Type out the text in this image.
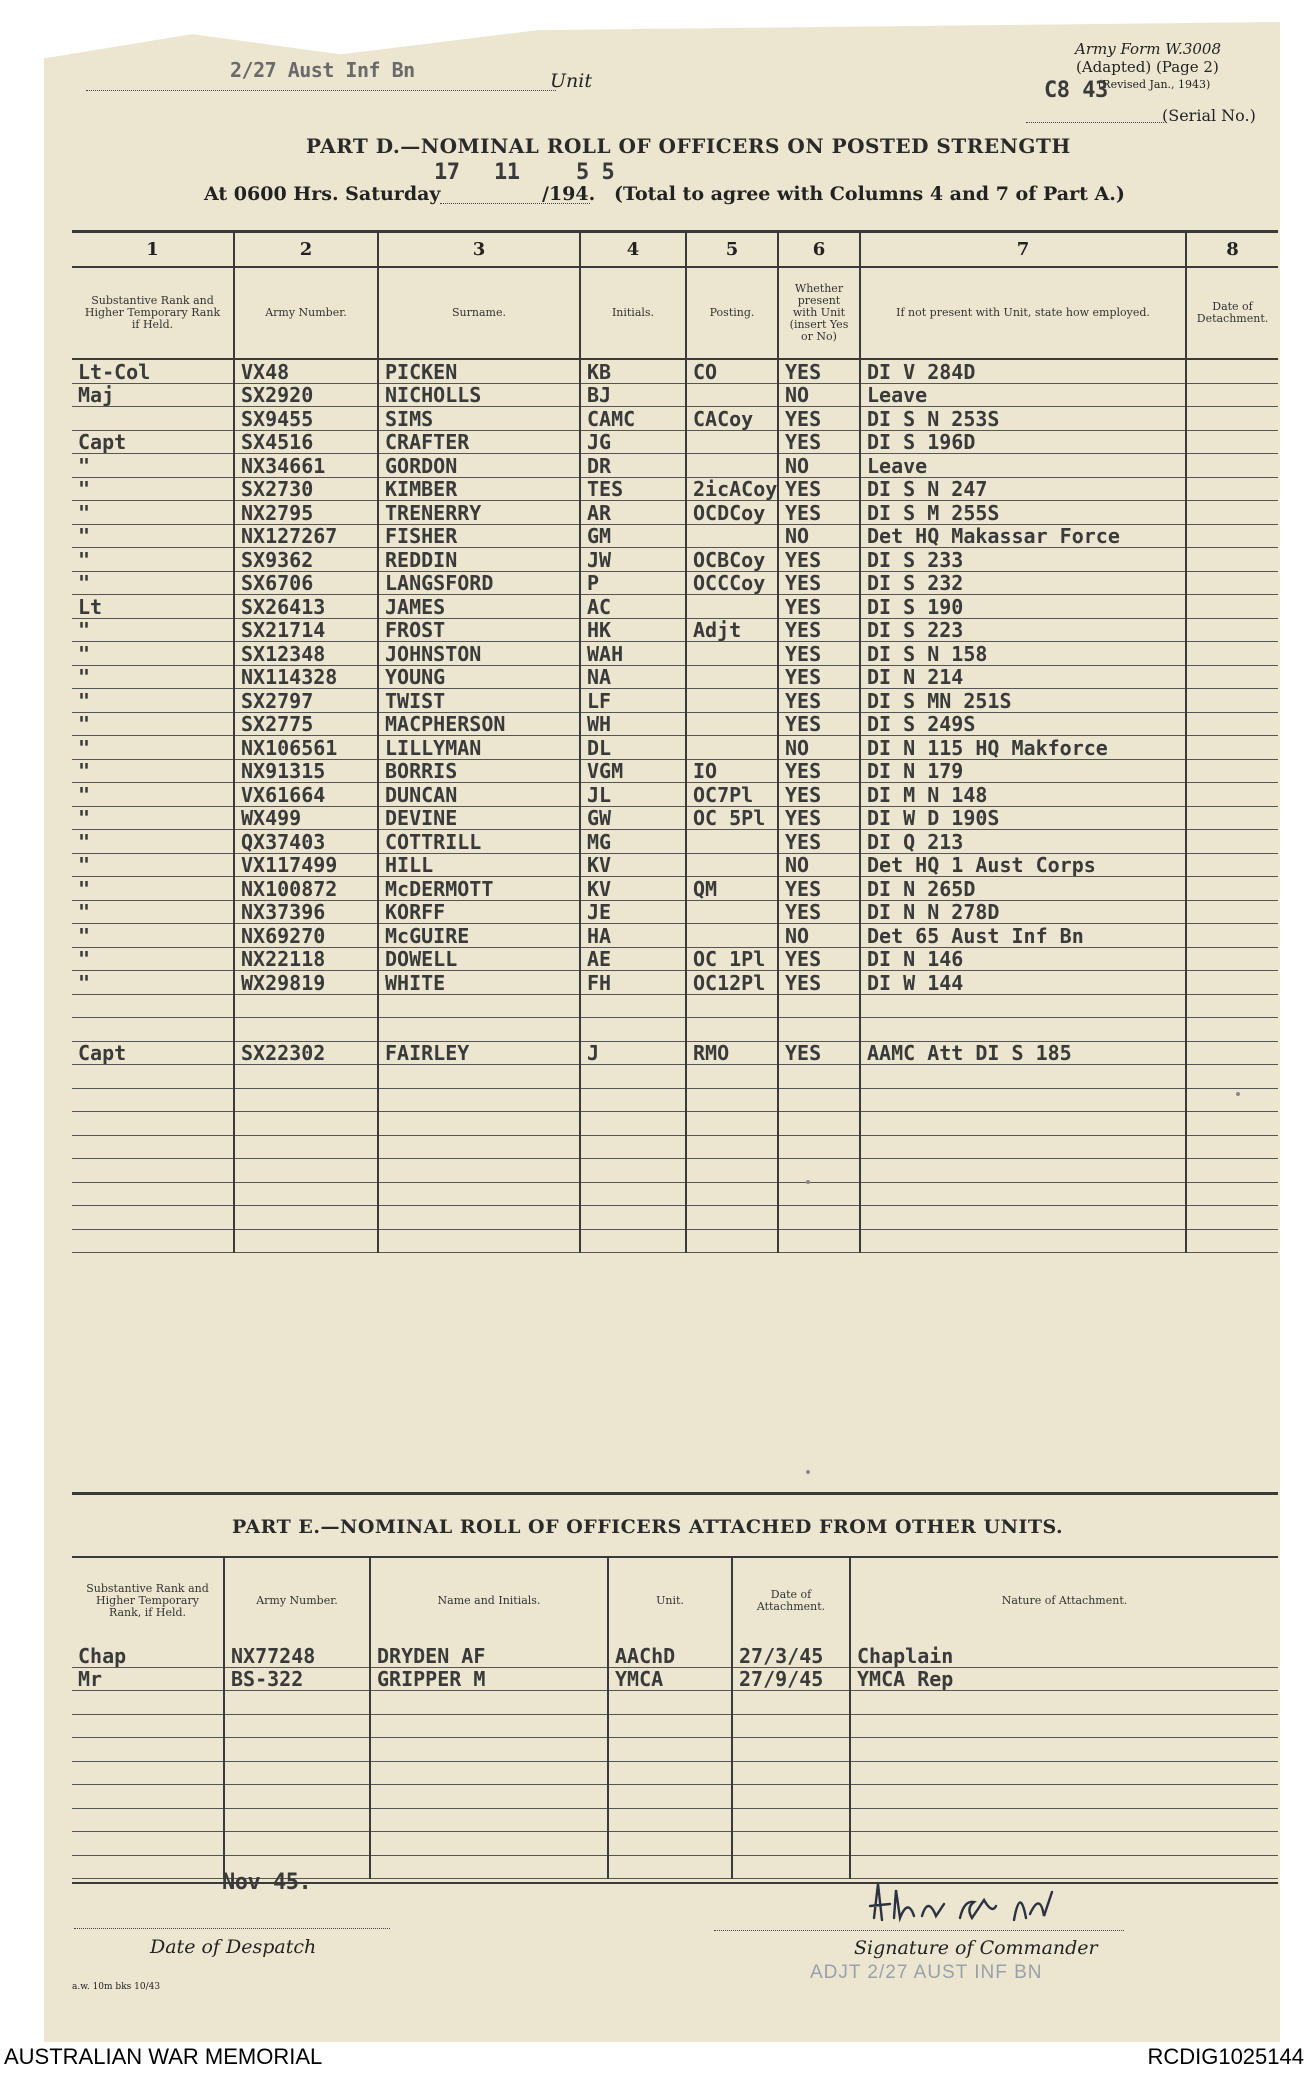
2/27 Aust Inf Bn	Unit
Army Form W.3008
(Adapted) (Page 2)
(Revised Jan., 1943)
C8 43
(Serial No.)
PART D.—NOMINAL ROLL OF OFFICERS ON POSTED STRENGTH
At 0600 Hrs. Saturday
17 11	5 5
/194. (Total to agree with Columns 4 and 7 of Part A.)
1	2	3	4	5	6	7	8

Substantive Rank and Higher Temporary Rank if Held.	Army Number.	Surname.	Initials.	Posting.	Whether present with Unit (insert Yes or No)	If not present with Unit, state how employed.	Date of Detachment.

Lt-Col	VX48	PICKEN	KB	CO	YES	DI V 284D	
Maj	SX2920	NICHOLLS	BJ		NO	Leave	
	SX9455	SIMS	CAMC	CACoy	YES	DI S N 253S	
Capt	SX4516	CRAFTER	JG		YES	DI S 196D	
"	NX34661	GORDON	DR		NO	Leave	
"	SX2730	KIMBER	TES	2icACoy	YES	DI S N 247	
"	NX2795	TRENERRY	AR	OCDCoy	YES	DI S M 255S	
"	NX127267	FISHER	GM		NO	Det HQ Makassar Force	
"	SX9362	REDDIN	JW	OCBCoy	YES	DI S 233	
"	SX6706	LANGSFORD	P	OCCCoy	YES	DI S 232	
Lt	SX26413	JAMES	AC		YES	DI S 190	
"	SX21714	FROST	HK	Adjt	YES	DI S 223	
"	SX12348	JOHNSTON	WAH		YES	DI S N 158	
"	NX114328	YOUNG	NA		YES	DI N 214	
"	SX2797	TWIST	LF		YES	DI S MN 251S	
"	SX2775	MACPHERSON	WH		YES	DI S 249S	
"	NX106561	LILLYMAN	DL		NO	DI N 115 HQ Makforce	
"	NX91315	BORRIS	VGM	IO	YES	DI N 179	
"	VX61664	DUNCAN	JL	OC7Pl	YES	DI M N 148	
"	WX499	DEVINE	GW	OC 5Pl	YES	DI W D 190S	
"	QX37403	COTTRILL	MG		YES	DI Q 213	
"	VX117499	HILL	KV		NO	Det HQ 1 Aust Corps	
"	NX100872	McDERMOTT	KV	QM	YES	DI N 265D	
"	NX37396	KORFF	JE		YES	DI N N 278D	
"	NX69270	McGUIRE	HA		NO	Det 65 Aust Inf Bn	
"	NX22118	DOWELL	AE	OC 1Pl	YES	DI N 146	
"	WX29819	WHITE	FH	OC12Pl	YES	DI W 144	

Capt	SX22302	FAIRLEY	J	RMO	YES	AAMC Att DI S 185	

PART E.—NOMINAL ROLL OF OFFICERS ATTACHED FROM OTHER UNITS.
Substantive Rank and Higher Temporary Rank, if Held.	Army Number.	Name and Initials.	Unit.	Date of Attachment.	Nature of Attachment.

Chap	NX77248	DRYDEN AF	AAChD	27/3/45	Chaplain
Mr	BS-322	GRIPPER M	YMCA	27/9/45	YMCA Rep

Nov 45.
Date of Despatch	Signature of Commander
ADJT 2/27 AUST INF BN
a.w. 10m bks 10/43
AUSTRALIAN WAR MEMORIAL	RCDIG1025144
